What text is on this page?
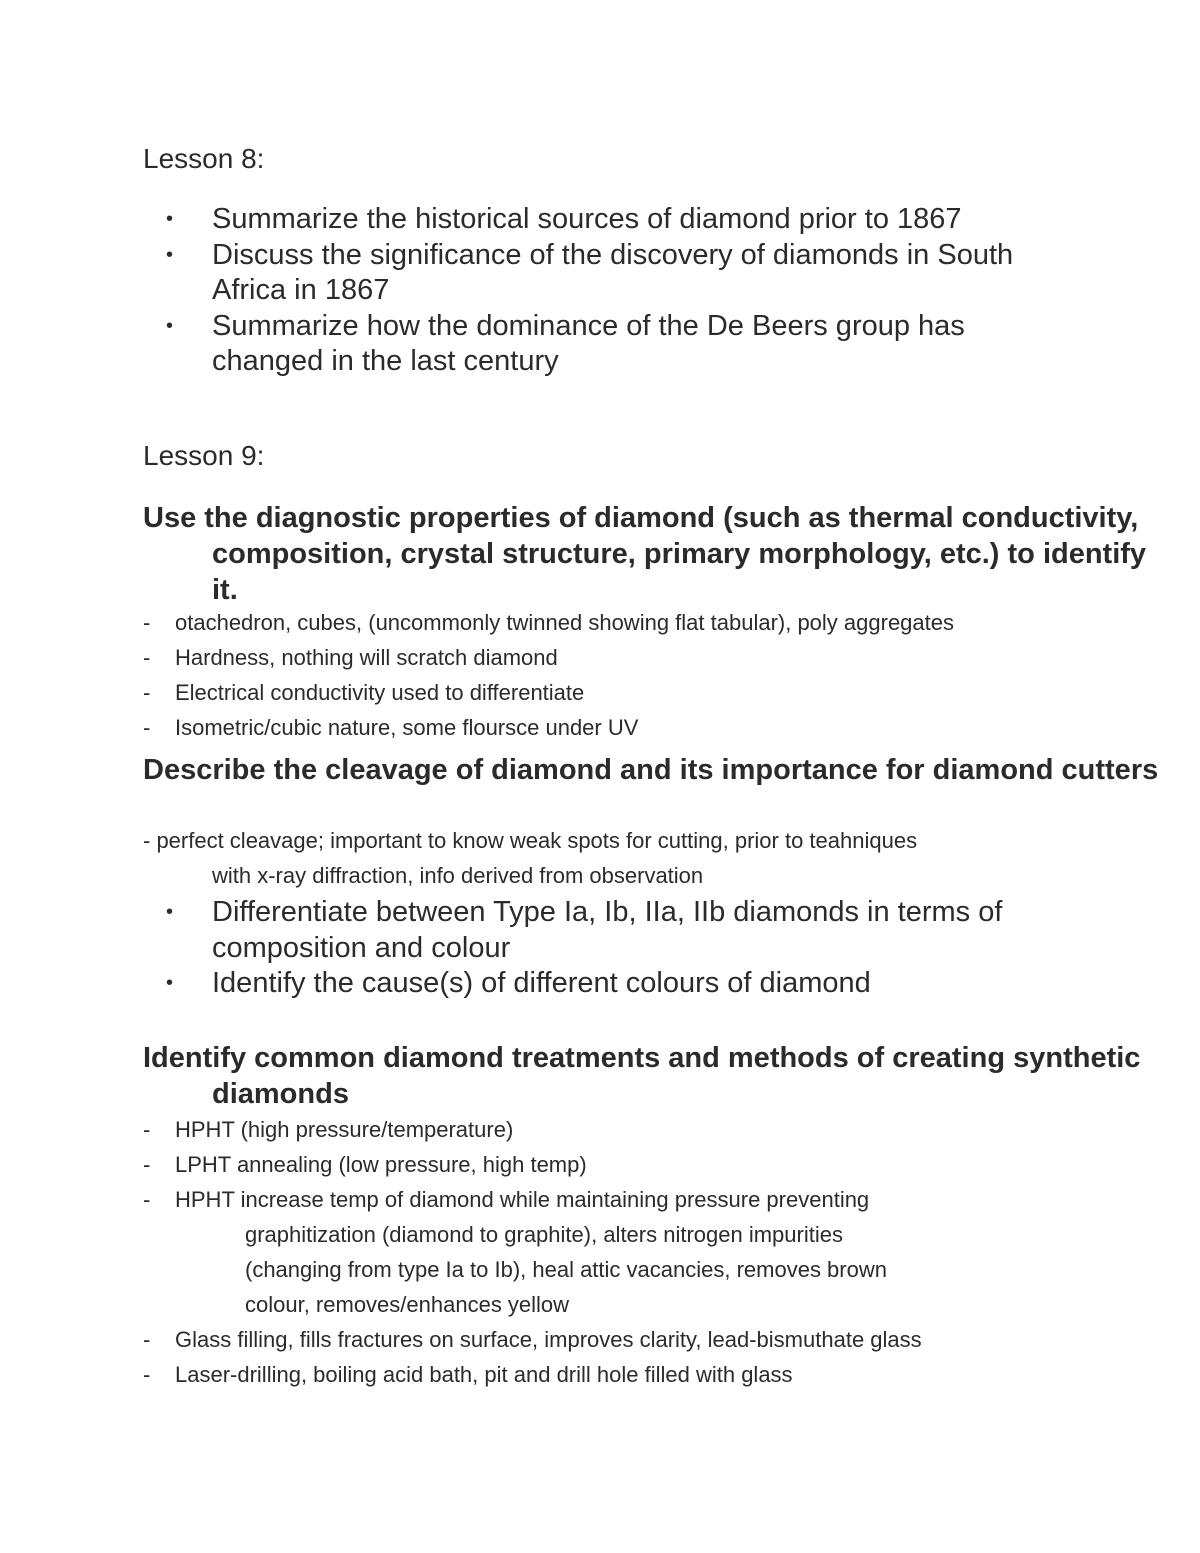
Lesson 8:
• Summarize the historical sources of diamond prior to 1867
• Discuss the significance of the discovery of diamonds in South Africa in 1867
• Summarize how the dominance of the De Beers group has changed in the last century
Lesson 9:

Use the diagnostic properties of diamond (such as thermal conductivity, composition, crystal structure, primary morphology, etc.) to identify it.

- otachedron, cubes, (uncommonly twinned showing flat tabular), poly aggregates
- Hardness, nothing will scratch diamond
- Electrical conductivity used to differentiate
- Isometric/cubic nature, some floursce under UV

Describe the cleavage of diamond and its importance for diamond cutters

- perfect cleavage; important to know weak spots for cutting, prior to teahniques
with x-ray diffraction, info derived from observation

• Differentiate between Type Ia, Ib, IIa, IIb diamonds in terms of composition and colour
• Identify the cause(s) of different colours of diamond

Identify common diamond treatments and methods of creating synthetic diamonds

- HPHT (high pressure/temperature)
- LPHT annealing (low pressure, high temp)
- HPHT increase temp of diamond while maintaining pressure preventing
graphitization (diamond to graphite), alters nitrogen impurities
(changing from type Ia to Ib), heal attic vacancies, removes brown
colour, removes/enhances yellow
- Glass filling, fills fractures on surface, improves clarity, lead-bismuthate glass
- Laser-drilling, boiling acid bath, pit and drill hole filled with glass
